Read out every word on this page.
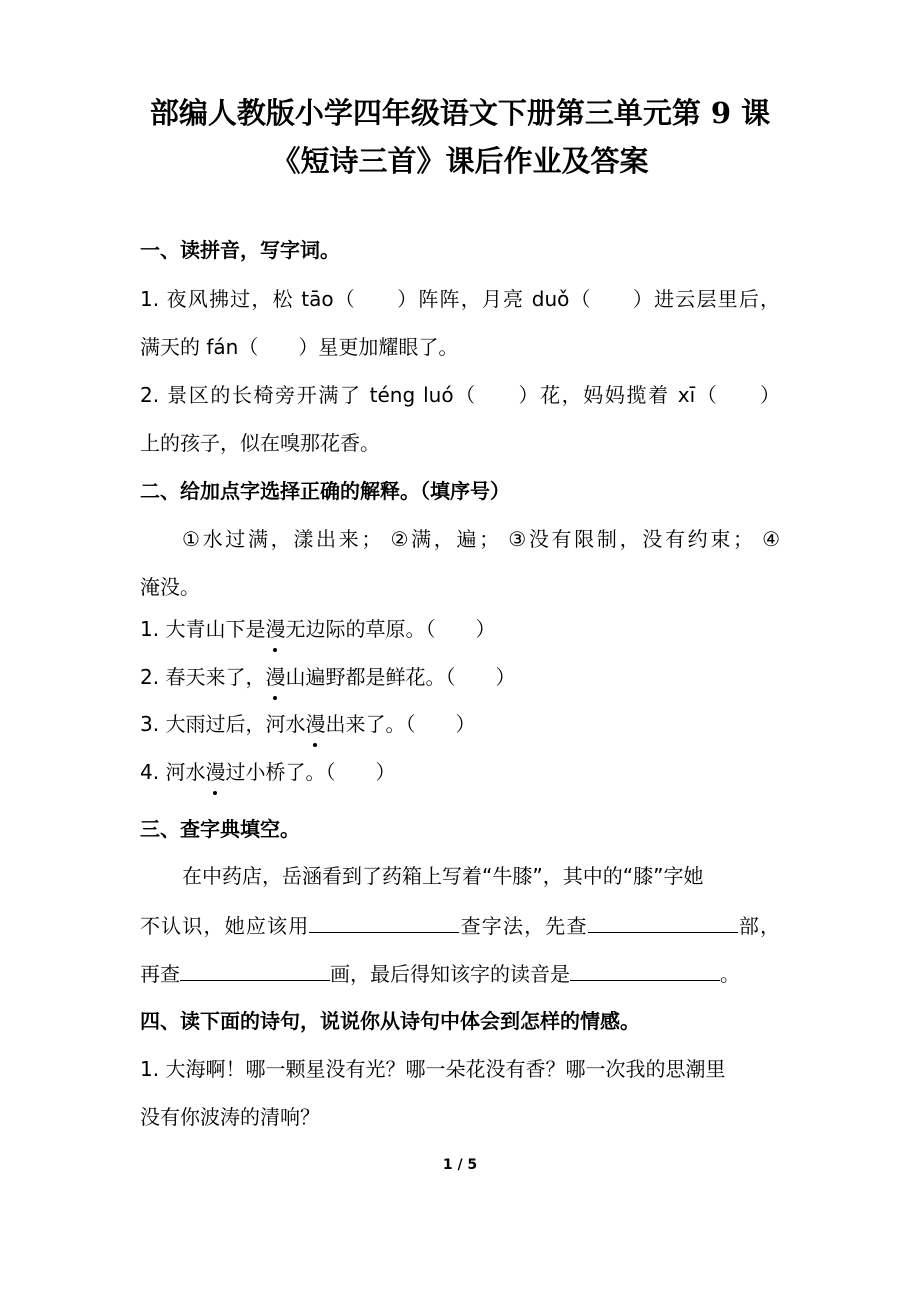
部编人教版小学四年级语文下册第三单元第 9 课
《短诗三首》课后作业及答案
一、读拼音，写字词。
1. 夜风拂过，松 tāo（ ）阵阵，月亮 duǒ（ ）进云层里后，
满天的 fán（ ）星更加耀眼了。
2. 景区的长椅旁开满了 téng luó（ ）花，妈妈揽着 xī（ ）
上的孩子，似在嗅那花香。
二、给加点字选择正确的解释。（填序号）
①水过满，漾出来； ②满，遍； ③没有限制，没有约束； ④
淹没。
1. 大青山下是漫无边际的草原。（ ）
2. 春天来了，漫山遍野都是鲜花。（ ）
3. 大雨过后，河水漫出来了。（ ）
4. 河水漫过小桥了。（ ）
三、查字典填空。
在中药店，岳涵看到了药箱上写着“牛膝”，其中的“膝”字她
不认识，她应该用	查字法，先查	部，
再查	画，最后得知该字的读音是	。
四、读下面的诗句，说说你从诗句中体会到怎样的情感。
1. 大海啊！哪一颗星没有光？哪一朵花没有香？哪一次我的思潮里
没有你波涛的清响？
1 / 5
